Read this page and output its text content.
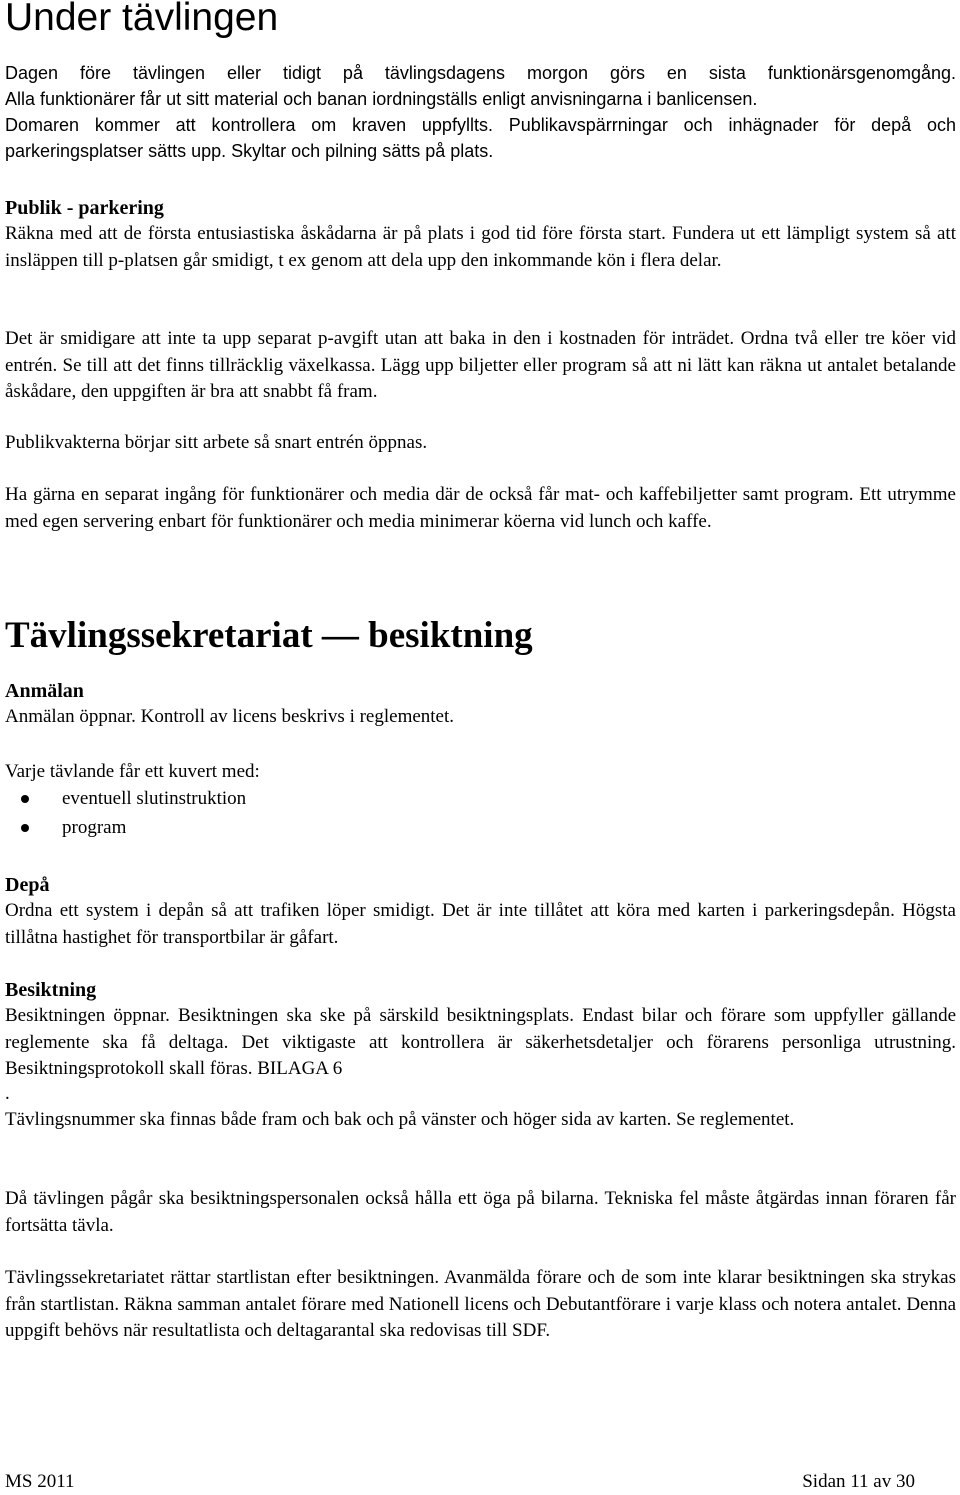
Under tävlingen
Dagen före tävlingen eller tidigt på tävlingsdagens morgon görs en sista funktionärsgenomgång.
Alla funktionärer får ut sitt material och banan iordningställs enligt anvisningarna i banlicensen.
Domaren kommer att kontrollera om kraven uppfyllts. Publikavspärrningar och inhägnader för depå och parkeringsplatser sätts upp. Skyltar och pilning sätts på plats.
Publik - parkering

Räkna med att de första entusiastiska åskådarna är på plats i god tid före första start. Fundera ut ett lämpligt system så att insläppen till p-platsen går smidigt, t ex genom att dela upp den inkommande kön i flera delar.

Det är smidigare att inte ta upp separat p-avgift utan att baka in den i kostnaden för inträdet. Ordna två eller tre köer vid entrén. Se till att det finns tillräcklig växelkassa. Lägg upp biljetter eller program så att ni lätt kan räkna ut antalet betalande åskådare, den uppgiften är bra att snabbt få fram.

Publikvakterna börjar sitt arbete så snart entrén öppnas.

Ha gärna en separat ingång för funktionärer och media där de också får mat- och kaffebiljetter samt program. Ett utrymme med egen servering enbart för funktionärer och media minimerar köerna vid lunch och kaffe.

Tävlingssekretariat — besiktning
Anmälan

Anmälan öppnar. Kontroll av licens beskrivs i reglementet.

Varje tävlande får ett kuvert med:

eventuell slutinstruktion
program
Depå

Ordna ett system i depån så att trafiken löper smidigt. Det är inte tillåtet att köra med karten i parkeringsdepån. Högsta tillåtna hastighet för transportbilar är gåfart.

Besiktning

Besiktningen öppnar. Besiktningen ska ske på särskild besiktningsplats. Endast bilar och förare som uppfyller gällande reglemente ska få deltaga. Det viktigaste att kontrollera är säkerhetsdetaljer och förarens personliga utrustning. Besiktningsprotokoll skall föras. BILAGA 6

.

Tävlingsnummer ska finnas både fram och bak och på vänster och höger sida av karten. Se reglementet.

Då tävlingen pågår ska besiktningspersonalen också hålla ett öga på bilarna. Tekniska fel måste åtgärdas innan föraren får fortsätta tävla.

Tävlingssekretariatet rättar startlistan efter besiktningen. Avanmälda förare och de som inte klarar besiktningen ska strykas från startlistan. Räkna samman antalet förare med Nationell licens och Debutantförare i varje klass och notera antalet. Denna uppgift behövs när resultatlista och deltagarantal ska redovisas till SDF.

MS 2011	Sidan 11 av 30
